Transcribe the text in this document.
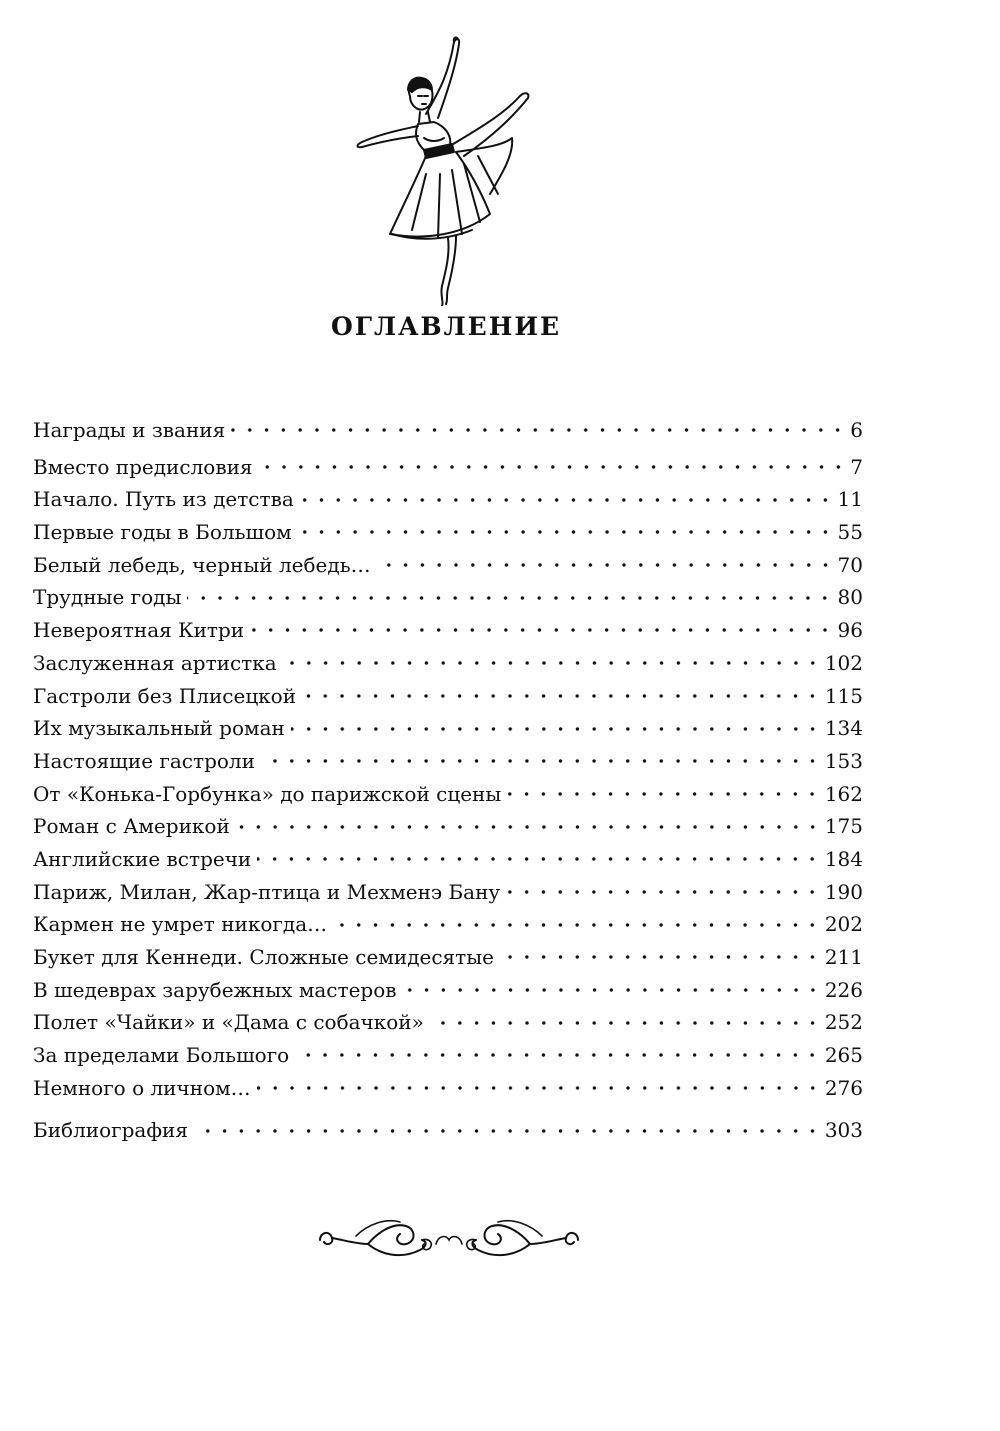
ОГЛАВЛЕНИЕ
Награды и звания	6
Вместо предисловия	7
Начало. Путь из детства	11
Первые годы в Большом	55
Белый лебедь, черный лебедь…	70
Трудные годы	80
Невероятная Китри	96
Заслуженная артистка	102
Гастроли без Плисецкой	115
Их музыкальный роман	134
Настоящие гастроли	153
От «Конька-Горбунка» до парижской сцены	162
Роман с Америкой	175
Английские встречи	184
Париж, Милан, Жар-птица и Мехменэ Бану	190
Кармен не умрет никогда…	202
Букет для Кеннеди. Сложные семидесятые	211
В шедеврах зарубежных мастеров	226
Полет «Чайки» и «Дама с собачкой»	252
За пределами Большого	265
Немного о личном…	276
Библиография	303
